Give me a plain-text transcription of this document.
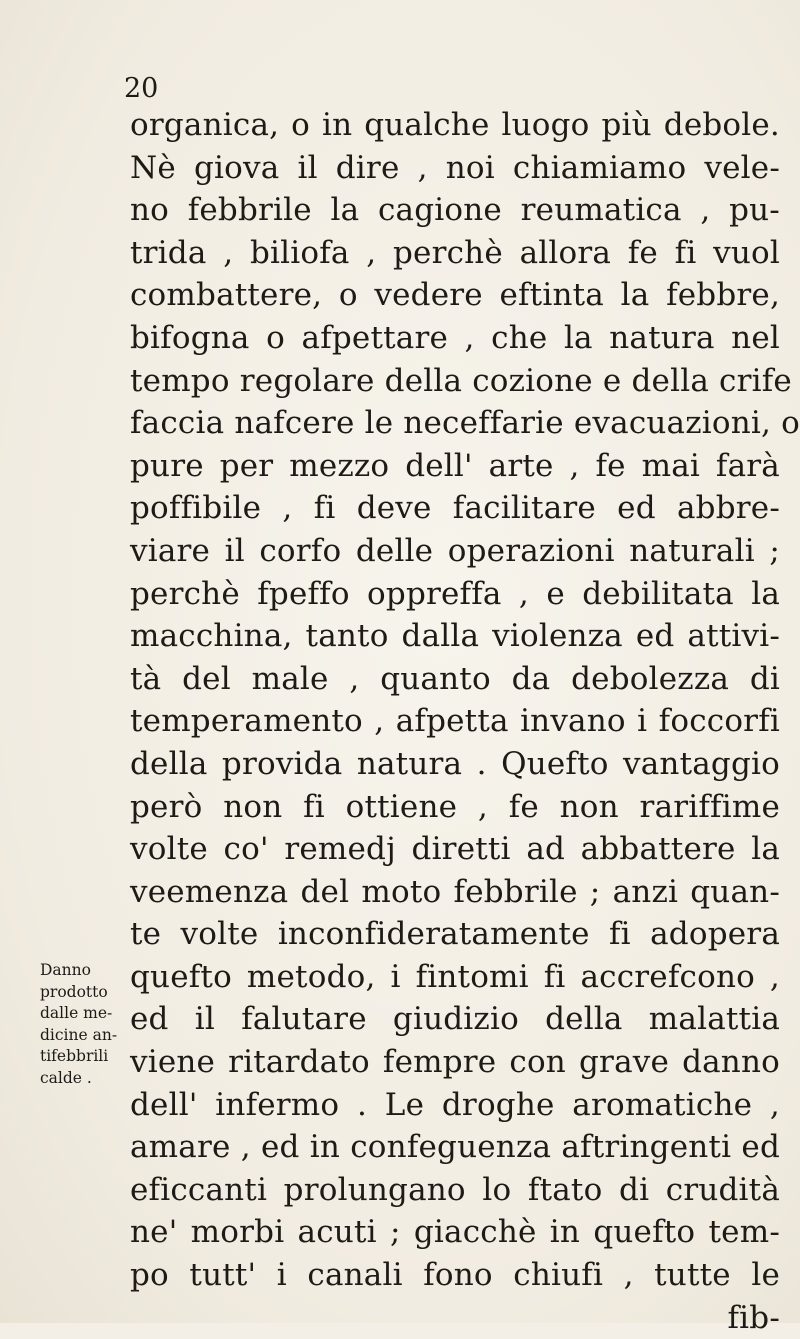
20
organica, o in qualche luogo più debole.
Nè giova il dire , noi chiamiamo vele-
no febbrile la cagione reumatica , pu-
trida , biliofa , perchè allora fe fi vuol
combattere, o vedere eftinta la febbre,
bifogna o afpettare , che la natura nel
tempo regolare della cozione e della crife
faccia nafcere le neceffarie evacuazioni, o
pure per mezzo dell' arte , fe mai farà
poffibile , fi deve facilitare ed abbre-
viare il corfo delle operazioni naturali ;
perchè fpeffo oppreffa , e debilitata la
macchina, tanto dalla violenza ed attivi-
tà del male , quanto da debolezza di
temperamento , afpetta invano i foccorfi
della provida natura . Quefto vantaggio
però non fi ottiene , fe non rariffime
volte co' remedj diretti ad abbattere la
veemenza del moto febbrile ; anzi quan-
te volte inconfideratamente fi adopera
quefto metodo, i fintomi fi accrefcono ,
ed il falutare giudizio della malattia
viene ritardato fempre con grave danno
dell' infermo . Le droghe aromatiche ,
amare , ed in confeguenza aftringenti ed
eficcanti prolungano lo ftato di crudità
ne' morbi acuti ; giacchè in quefto tem-
po tutt' i canali fono chiufi , tutte le
fib-
Danno
prodotto
dalle me-
dicine an-
tifebbrili
calde .
